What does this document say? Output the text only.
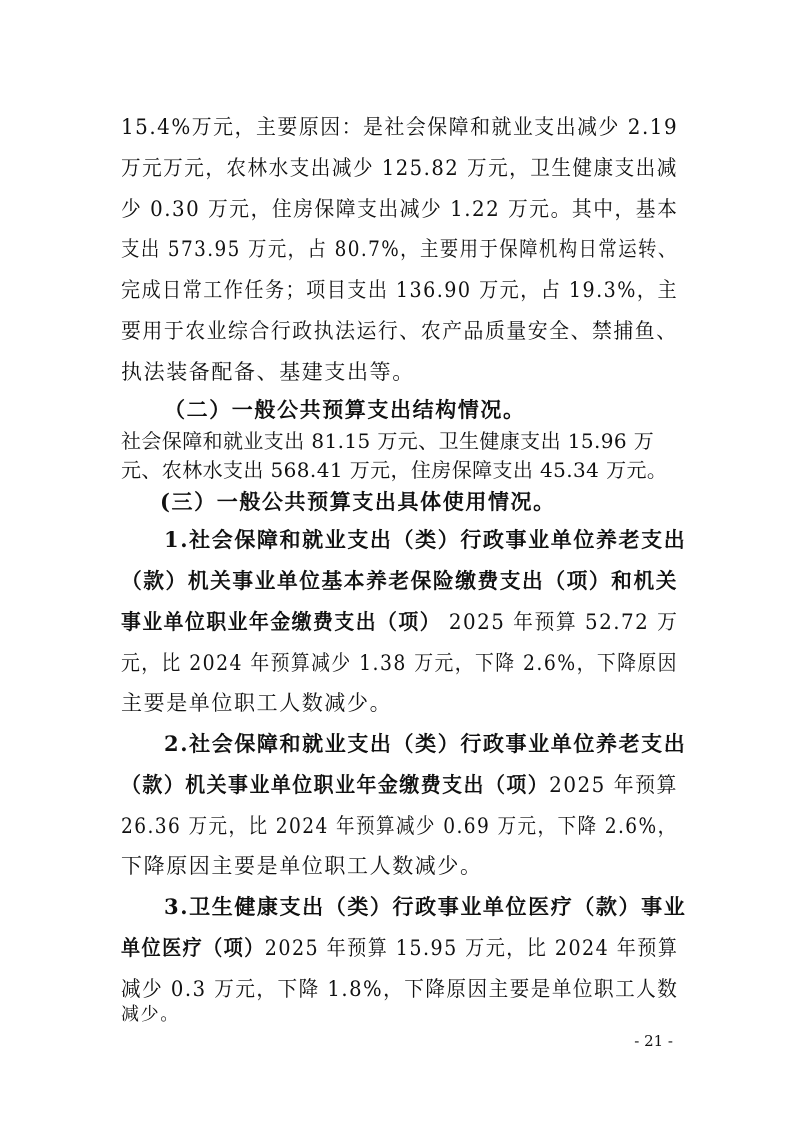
15.4%万元，主要原因：是社会保障和就业支出减少 2.19
万元万元，农林水支出减少 125.82 万元，卫生健康支出减
少 0.30 万元，住房保障支出减少 1.22 万元。其中，基本
支出 573.95 万元，占 80.7%，主要用于保障机构日常运转、
完成日常工作任务；项目支出 136.90 万元，占 19.3%，主
要用于农业综合行政执法运行、农产品质量安全、禁捕鱼、
执法装备配备、基建支出等。
（二）一般公共预算支出结构情况。
社会保障和就业支出 81.15 万元、卫生健康支出 15.96 万
元、农林水支出 568.41 万元，住房保障支出 45.34 万元。
(三）一般公共预算支出具体使用情况。
1.社会保障和就业支出（类）行政事业单位养老支出
（款）机关事业单位基本养老保险缴费支出（项）和机关
事业单位职业年金缴费支出（项） 2025 年预算 52.72 万
元，比 2024 年预算减少 1.38 万元，下降 2.6%，下降原因
主要是单位职工人数减少。
2.社会保障和就业支出（类）行政事业单位养老支出
（款）机关事业单位职业年金缴费支出（项）2025 年预算
26.36 万元，比 2024 年预算减少 0.69 万元，下降 2.6%，
下降原因主要是单位职工人数减少。
3.卫生健康支出（类）行政事业单位医疗（款）事业
单位医疗（项）2025 年预算 15.95 万元，比 2024 年预算
减少 0.3 万元，下降 1.8%，下降原因主要是单位职工人数
减少。
- 21 -
